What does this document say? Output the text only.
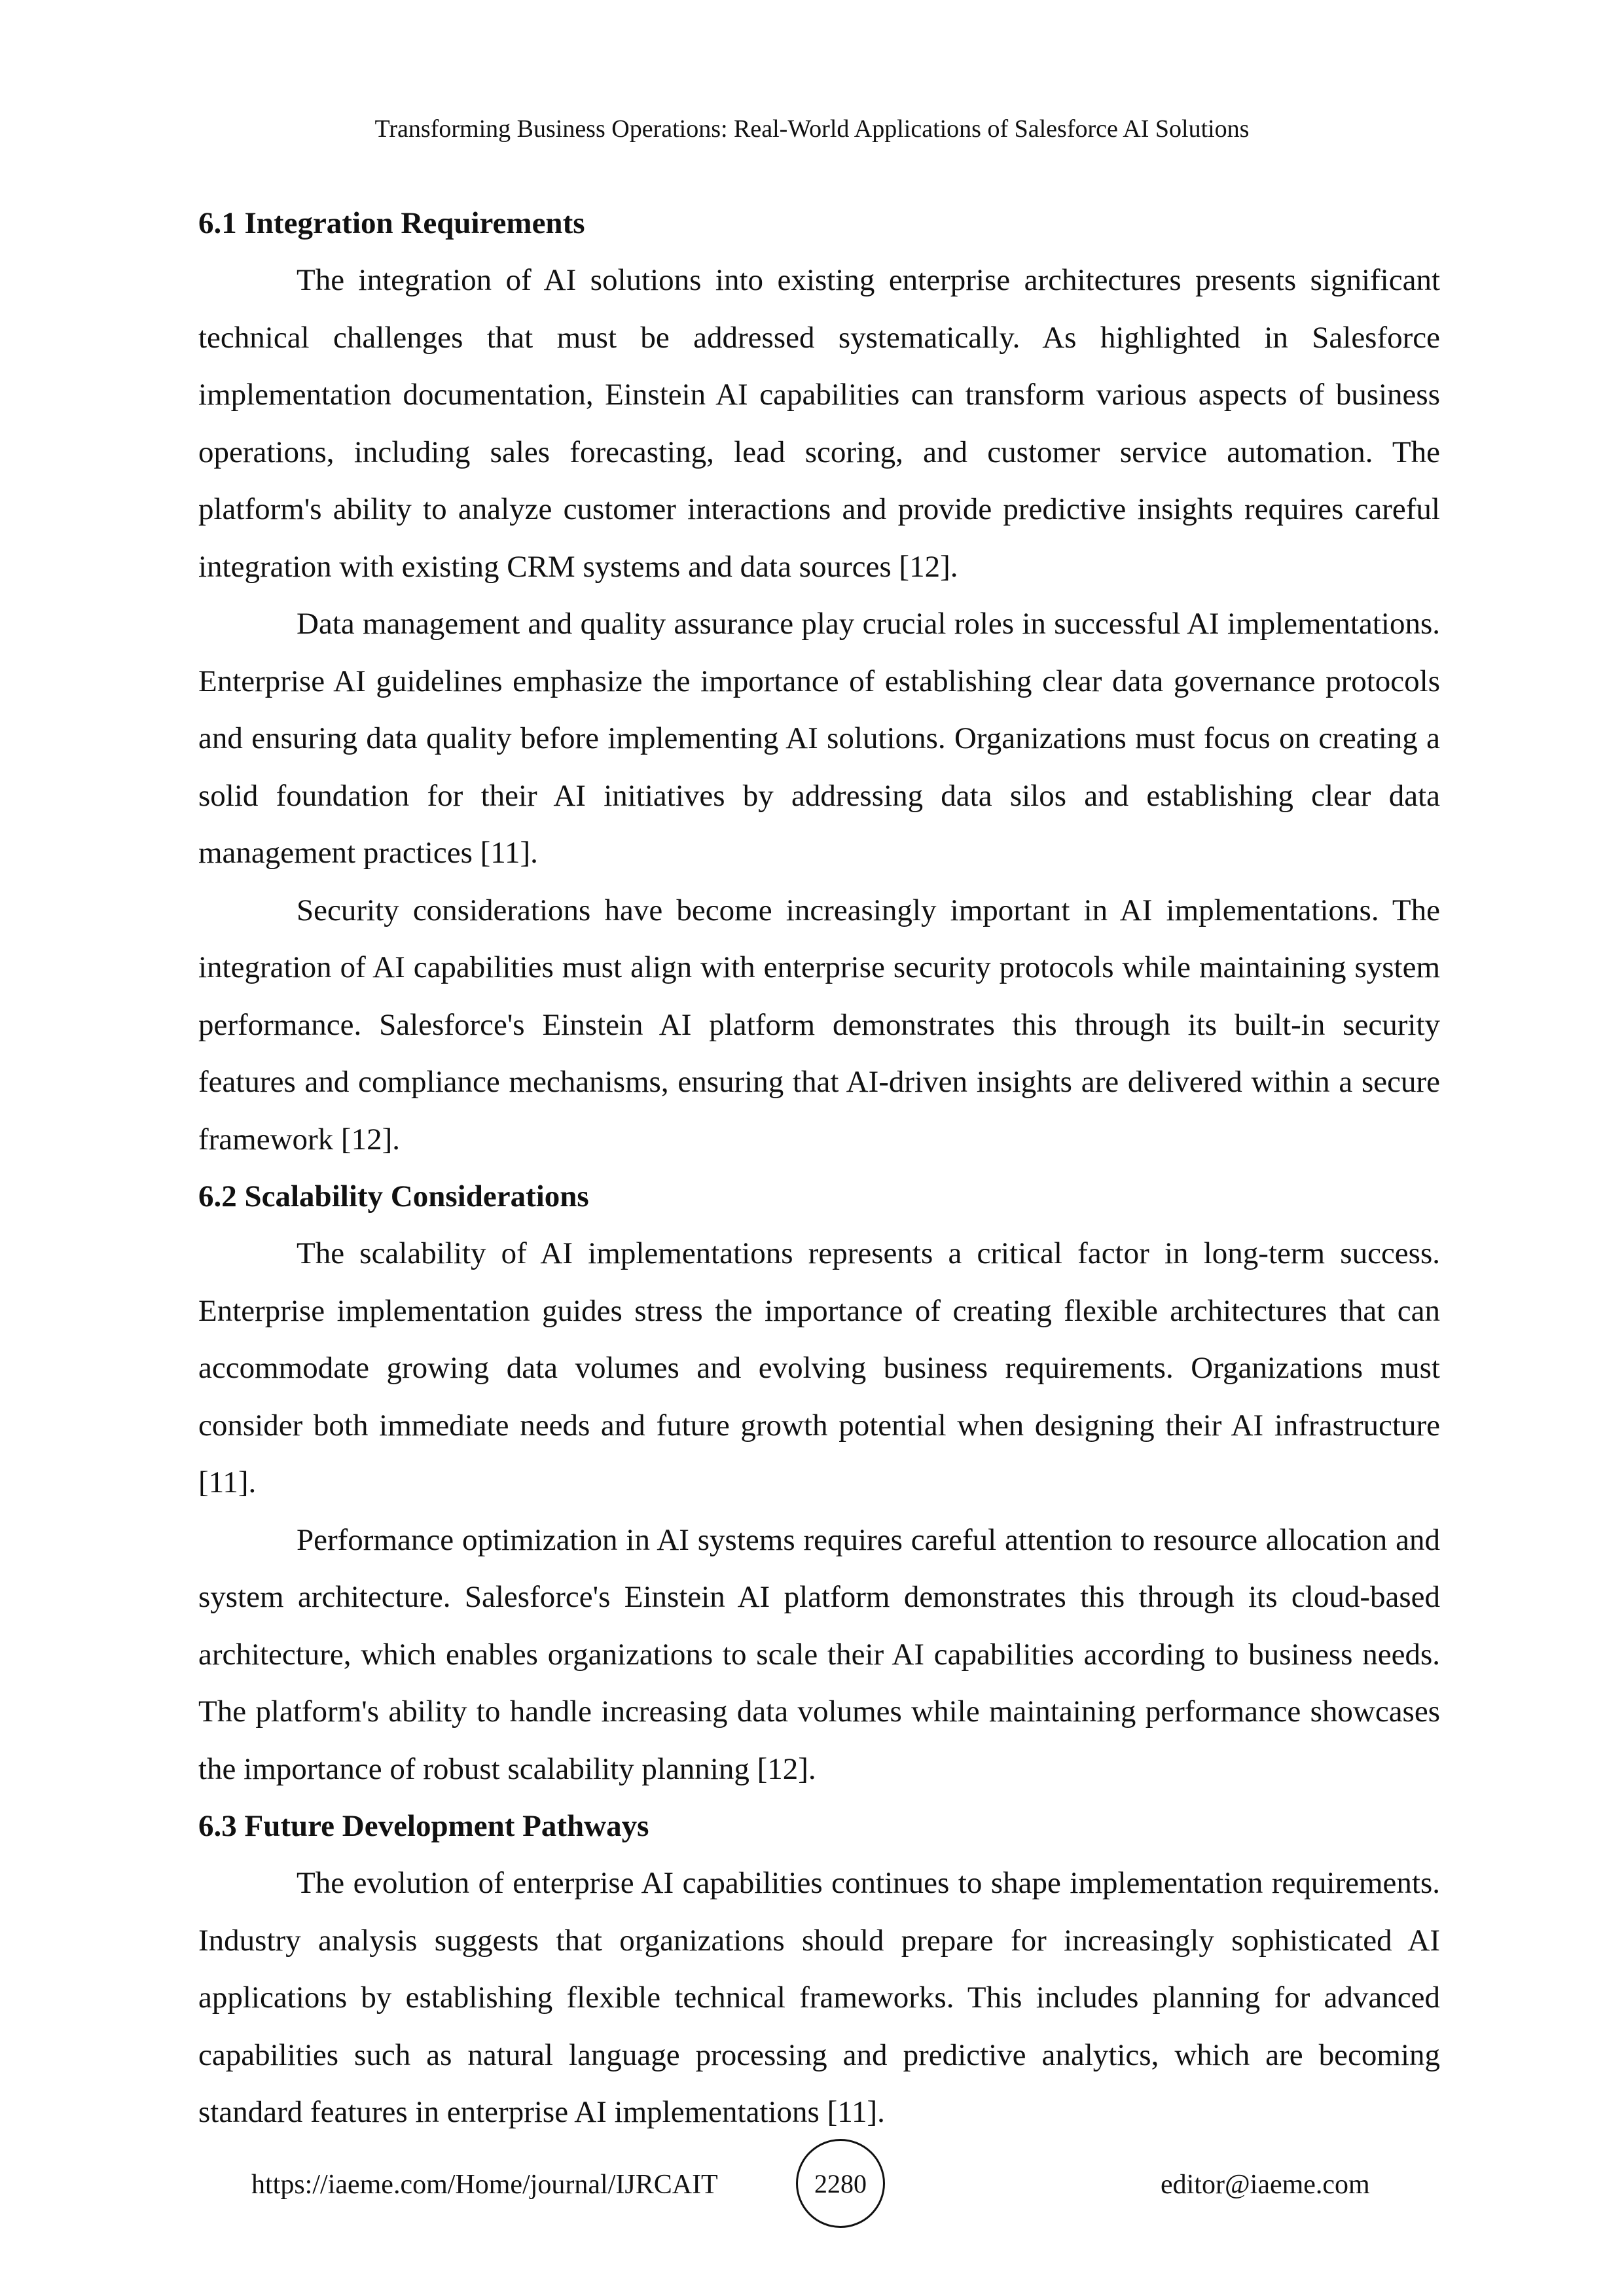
Transforming Business Operations: Real-World Applications of Salesforce AI Solutions
6.1 Integration Requirements

The integration of AI solutions into existing enterprise architectures presents significant technical challenges that must be addressed systematically. As highlighted in Salesforce implementation documentation, Einstein AI capabilities can transform various aspects of business operations, including sales forecasting, lead scoring, and customer service automation. The platform's ability to analyze customer interactions and provide predictive insights requires careful integration with existing CRM systems and data sources [12].

Data management and quality assurance play crucial roles in successful AI implementations. Enterprise AI guidelines emphasize the importance of establishing clear data governance protocols and ensuring data quality before implementing AI solutions. Organizations must focus on creating a solid foundation for their AI initiatives by addressing data silos and establishing clear data management practices [11].

Security considerations have become increasingly important in AI implementations. The integration of AI capabilities must align with enterprise security protocols while maintaining system performance. Salesforce's Einstein AI platform demonstrates this through its built-in security features and compliance mechanisms, ensuring that AI-driven insights are delivered within a secure framework [12].

6.2 Scalability Considerations

The scalability of AI implementations represents a critical factor in long-term success. Enterprise implementation guides stress the importance of creating flexible architectures that can accommodate growing data volumes and evolving business requirements. Organizations must consider both immediate needs and future growth potential when designing their AI infrastructure [11].

Performance optimization in AI systems requires careful attention to resource allocation and system architecture. Salesforce's Einstein AI platform demonstrates this through its cloud-based architecture, which enables organizations to scale their AI capabilities according to business needs. The platform's ability to handle increasing data volumes while maintaining performance showcases the importance of robust scalability planning [12].

6.3 Future Development Pathways

The evolution of enterprise AI capabilities continues to shape implementation requirements. Industry analysis suggests that organizations should prepare for increasingly sophisticated AI applications by establishing flexible technical frameworks. This includes planning for advanced capabilities such as natural language processing and predictive analytics, which are becoming standard features in enterprise AI implementations [11].

https://iaeme.com/Home/journal/IJRCAIT	2280	editor@iaeme.com
